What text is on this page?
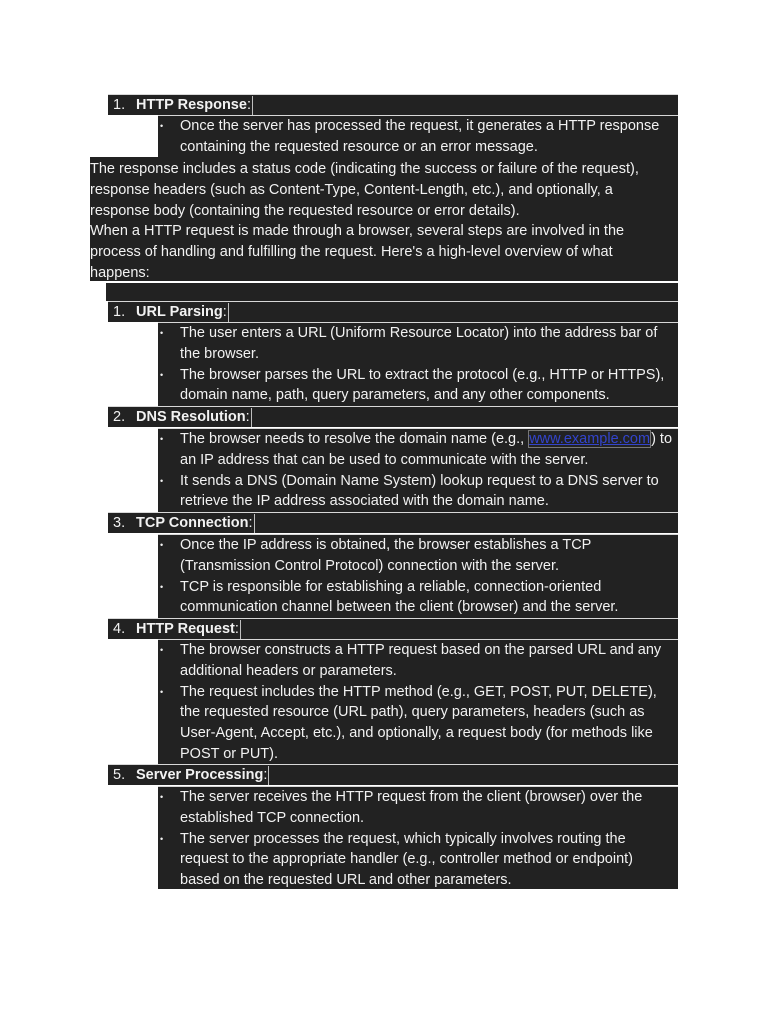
1. HTTP Response:
• Once the server has processed the request, it generates a HTTP response containing the requested resource or an error message.

The response includes a status code (indicating the success or failure of the request), response headers (such as Content-Type, Content-Length, etc.), and optionally, a response body (containing the requested resource or error details).

When a HTTP request is made through a browser, several steps are involved in the process of handling and fulfilling the request. Here's a high-level overview of what happens:

1. URL Parsing:
• The user enters a URL (Uniform Resource Locator) into the address bar of the browser.
• The browser parses the URL to extract the protocol (e.g., HTTP or HTTPS), domain name, path, query parameters, and any other components.
2. DNS Resolution:
• The browser needs to resolve the domain name (e.g., www.example.com) to an IP address that can be used to communicate with the server.
• It sends a DNS (Domain Name System) lookup request to a DNS server to retrieve the IP address associated with the domain name.
3. TCP Connection:
• Once the IP address is obtained, the browser establishes a TCP (Transmission Control Protocol) connection with the server.
• TCP is responsible for establishing a reliable, connection-oriented communication channel between the client (browser) and the server.
4. HTTP Request:
• The browser constructs a HTTP request based on the parsed URL and any additional headers or parameters.
• The request includes the HTTP method (e.g., GET, POST, PUT, DELETE), the requested resource (URL path), query parameters, headers (such as User-Agent, Accept, etc.), and optionally, a request body (for methods like POST or PUT).
5. Server Processing:
• The server receives the HTTP request from the client (browser) over the established TCP connection.
• The server processes the request, which typically involves routing the request to the appropriate handler (e.g., controller method or endpoint) based on the requested URL and other parameters.
